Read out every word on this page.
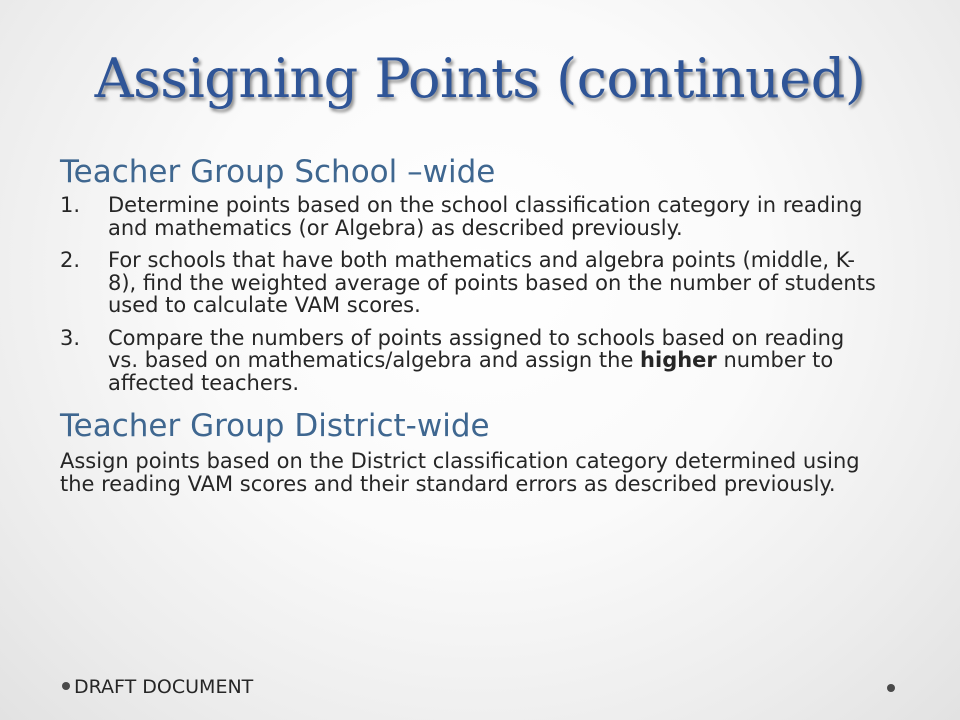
Assigning Points (continued)
Teacher Group School –wide
1. Determine points based on the school classification category in reading and mathematics (or Algebra) as described previously.
2. For schools that have both mathematics and algebra points (middle, K-8), find the weighted average of points based on the number of students used to calculate VAM scores.
3. Compare the numbers of points assigned to schools based on reading vs. based on mathematics/algebra and assign the higher number to affected teachers.
Teacher Group District-wide

Assign points based on the District classification category determined using the reading VAM scores and their standard errors as described previously.

DRAFT DOCUMENT
